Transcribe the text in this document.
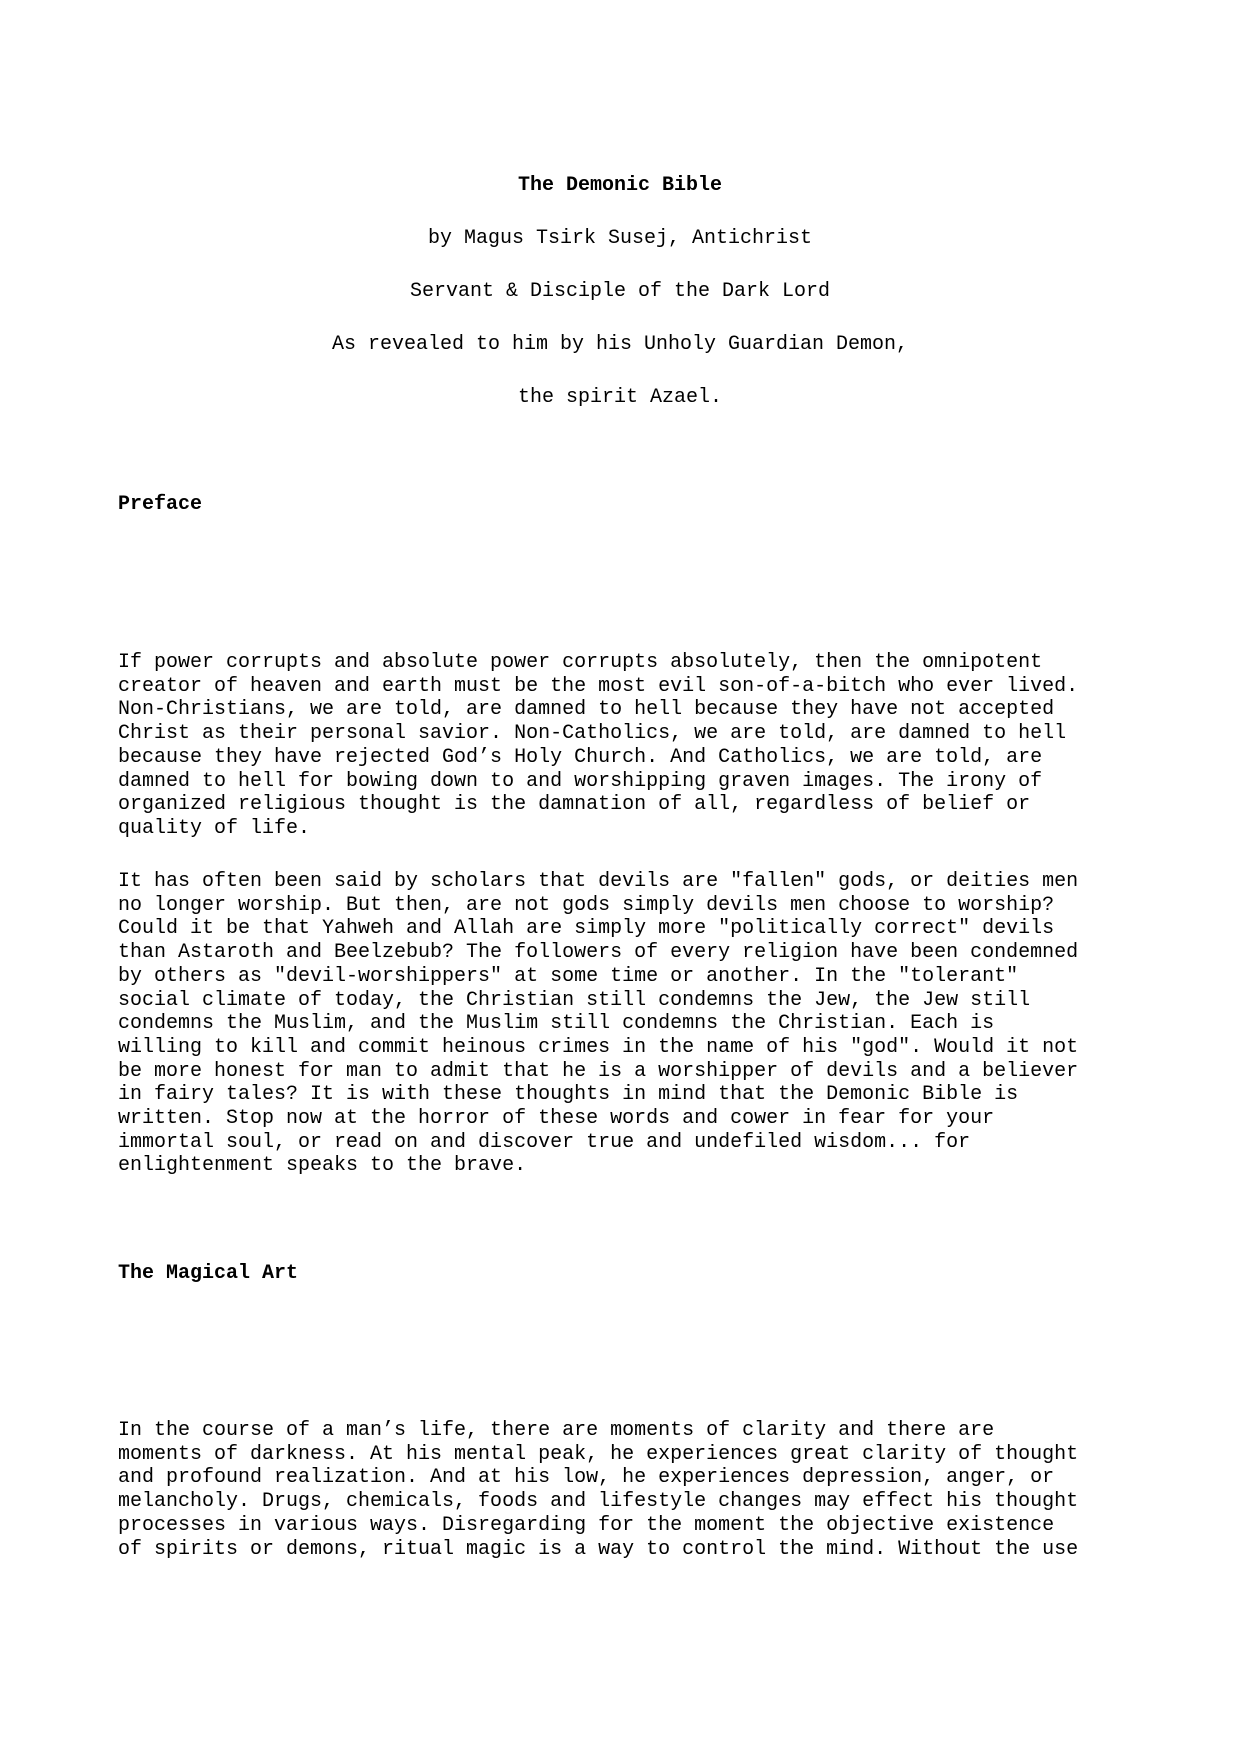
The Demonic Bible
by Magus Tsirk Susej, Antichrist
Servant & Disciple of the Dark Lord
As revealed to him by his Unholy Guardian Demon,
the spirit Azael.
Preface
If power corrupts and absolute power corrupts absolutely, then the omnipotent
creator of heaven and earth must be the most evil son-of-a-bitch who ever lived.
Non-Christians, we are told, are damned to hell because they have not accepted
Christ as their personal savior. Non-Catholics, we are told, are damned to hell
because they have rejected God’s Holy Church. And Catholics, we are told, are
damned to hell for bowing down to and worshipping graven images. The irony of
organized religious thought is the damnation of all, regardless of belief or
quality of life.
It has often been said by scholars that devils are "fallen" gods, or deities men
no longer worship. But then, are not gods simply devils men choose to worship?
Could it be that Yahweh and Allah are simply more "politically correct" devils
than Astaroth and Beelzebub? The followers of every religion have been condemned
by others as "devil-worshippers" at some time or another. In the "tolerant"
social climate of today, the Christian still condemns the Jew, the Jew still
condemns the Muslim, and the Muslim still condemns the Christian. Each is
willing to kill and commit heinous crimes in the name of his "god". Would it not
be more honest for man to admit that he is a worshipper of devils and a believer
in fairy tales? It is with these thoughts in mind that the Demonic Bible is
written. Stop now at the horror of these words and cower in fear for your
immortal soul, or read on and discover true and undefiled wisdom... for
enlightenment speaks to the brave.
The Magical Art
In the course of a man’s life, there are moments of clarity and there are
moments of darkness. At his mental peak, he experiences great clarity of thought
and profound realization. And at his low, he experiences depression, anger, or
melancholy. Drugs, chemicals, foods and lifestyle changes may effect his thought
processes in various ways. Disregarding for the moment the objective existence
of spirits or demons, ritual magic is a way to control the mind. Without the use
